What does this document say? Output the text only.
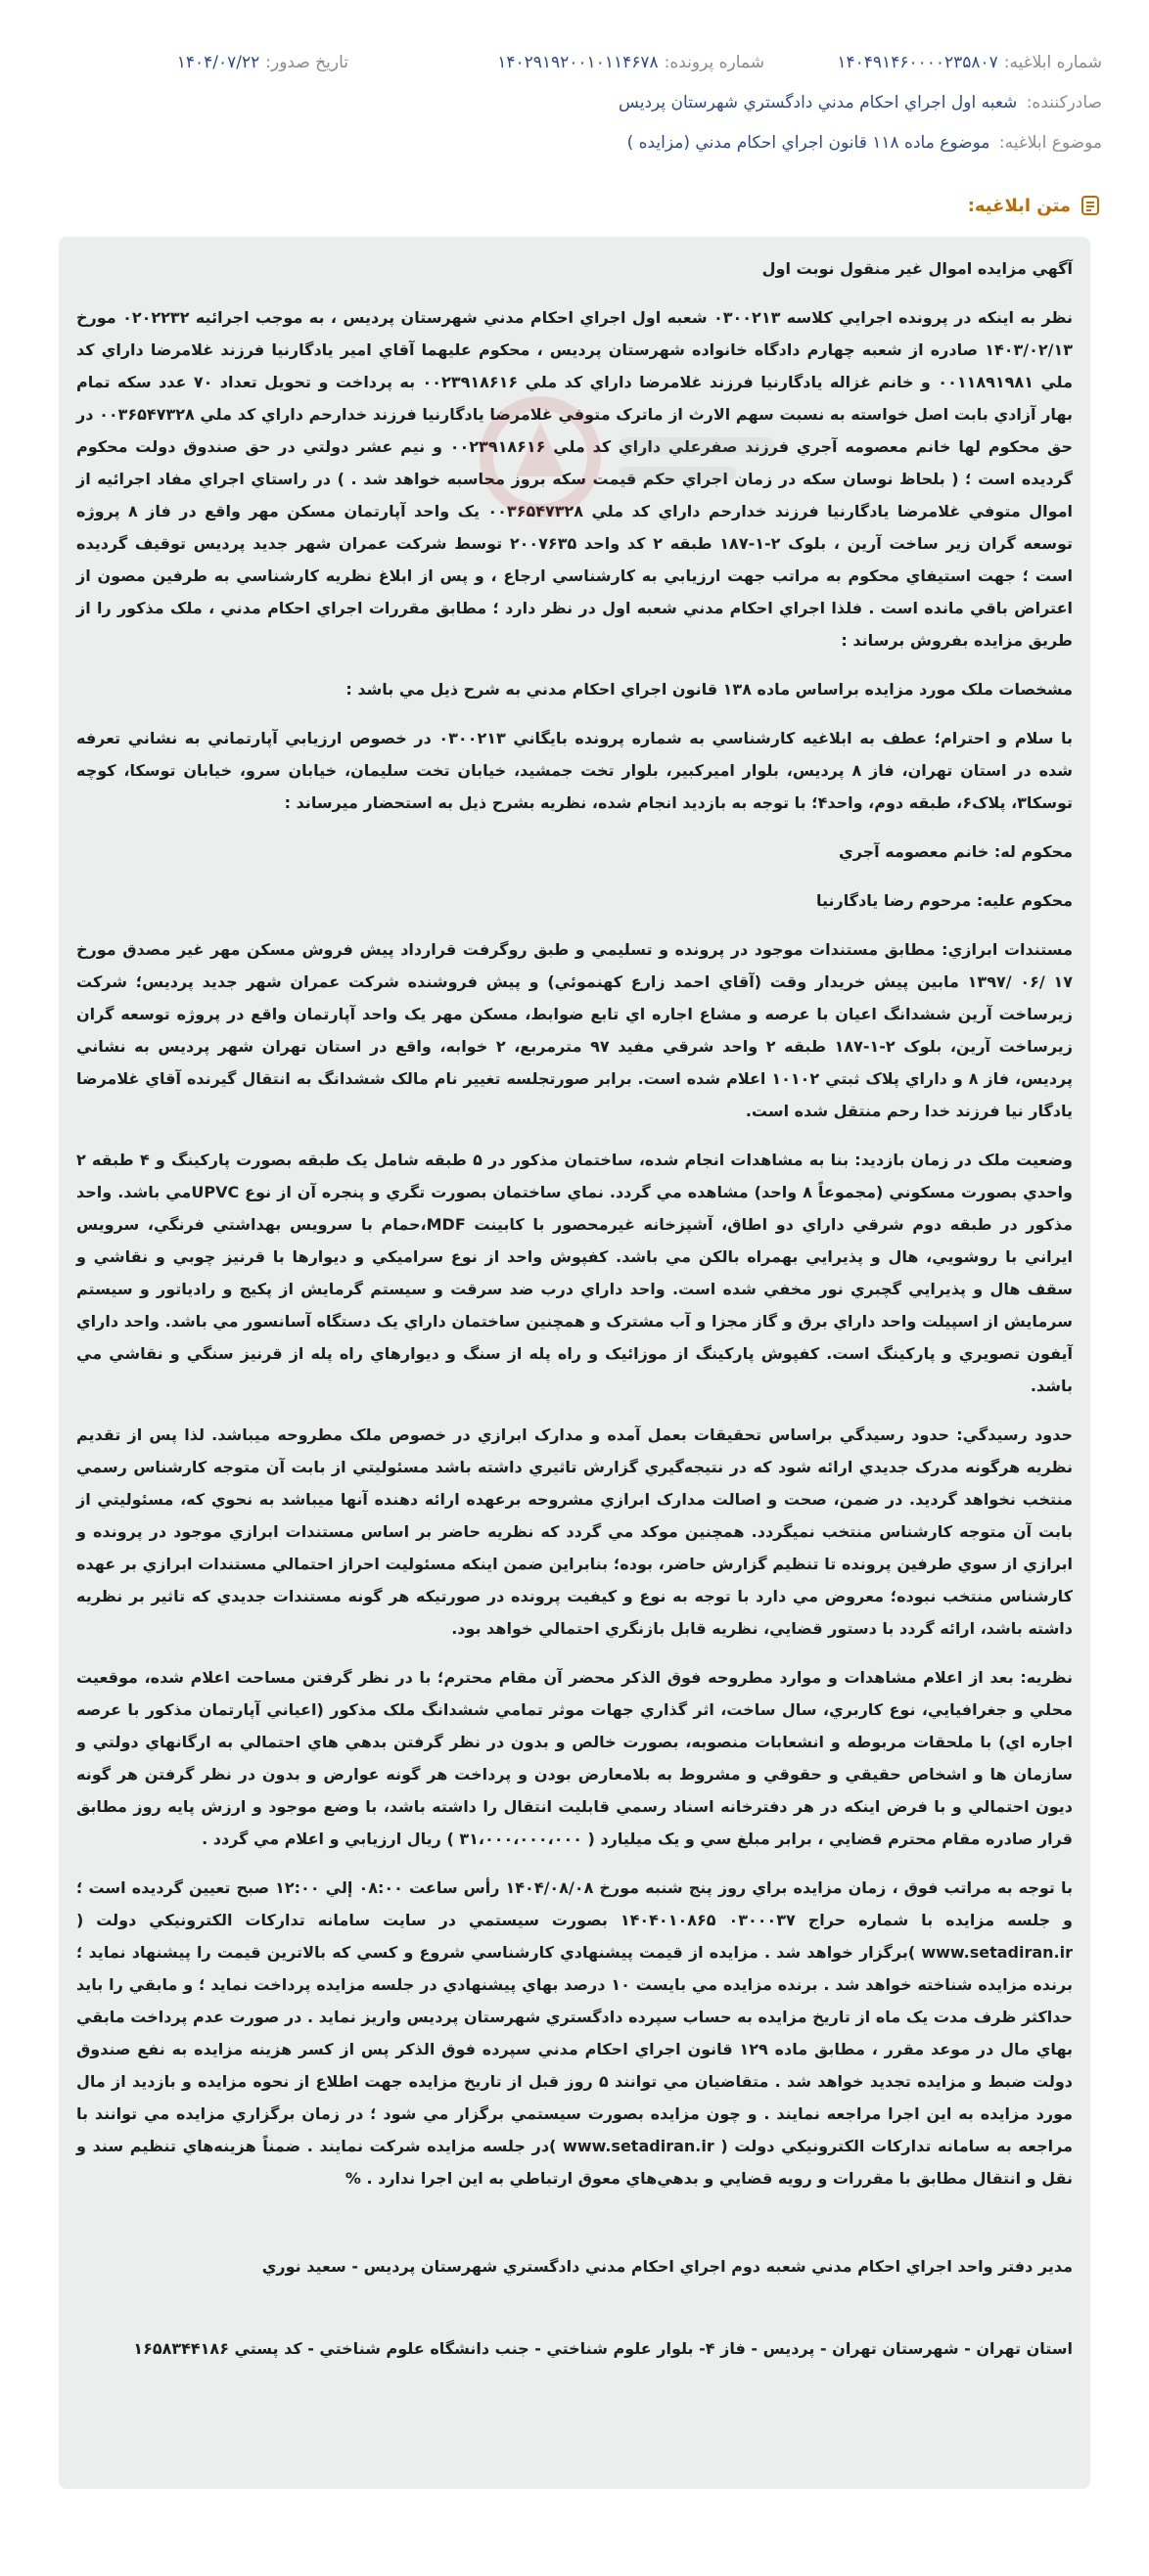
شماره ابلاغيه:
۱۴۰۴۹۱۴۶۰۰۰۰۲۳۵۸۰۷
شماره پرونده:
۱۴۰۲۹۱۹۲۰۰۱۰۱۱۴۶۷۸
تاريخ صدور:
۱۴۰۴/۰۷/۲۲
صادرکننده: شعبه اول اجراي احکام مدني دادگستري شهرستان پرديس
موضوع ابلاغيه: موضوع ماده ۱۱۸ قانون اجراي احکام مدني (مزايده )
متن ابلاغيه:

آگهي مزايده اموال غير منقول نوبت اول

نظر به اينکه در پرونده اجرايي کلاسه ۰۳۰۰۲۱۳ شعبه اول اجراي احکام مدني شهرستان پرديس ، به موجب اجرائيه ۰۲۰۲۲۳۲ مورخ ۱۴۰۳/۰۲/۱۳ صادره از شعبه چهارم دادگاه خانواده شهرستان پرديس ، محکوم عليهما آقاي امير يادگارنيا فرزند غلامرضا داراي کد ملي ۰۰۱۱۸۹۱۹۸۱ و خانم غزاله يادگارنيا فرزند غلامرضا داراي کد ملي ۰۰۲۳۹۱۸۶۱۶ به پرداخت و تحويل تعداد ۷۰ عدد سکه تمام بهار آزادي بابت اصل خواسته به نسبت سهم الارث از ماترک متوفي غلامرضا يادگارنيا فرزند خدارحم داراي کد ملي ۰۰۳۶۵۴۷۳۲۸ در حق محکوم لها خانم معصومه آجري فرزند صفرعلي داراي کد ملي ۰۰۲۳۹۱۸۶۱۶ و نيم عشر دولتي در حق صندوق دولت محکوم گرديده است ؛ ( بلحاظ نوسان سکه در زمان اجراي حکم قيمت سکه بروز محاسبه خواهد شد . ) در راستاي اجراي مفاد اجرائيه از اموال متوفي غلامرضا يادگارنيا فرزند خدارحم داراي کد ملي ۰۰۳۶۵۴۷۳۲۸ يک واحد آپارتمان مسکن مهر واقع در فاز ۸ پروژه توسعه گران زير ساخت آرين ، بلوک ۲-۱-۱۸۷ طبقه ۲ کد واحد ۲۰۰۷۶۳۵ توسط شرکت عمران شهر جديد پرديس توقيف گرديده است ؛ جهت استيفاي محکوم به مراتب جهت ارزيابي به کارشناسي ارجاع ، و پس از ابلاغ نظريه کارشناسي به طرفين مصون از اعتراض باقي مانده است . فلذا اجراي احکام مدني شعبه اول در نظر دارد ؛ مطابق مقررات اجراي احکام مدني ، ملک مذکور را از طريق مزايده بفروش برساند :

مشخصات ملک مورد مزايده براساس ماده ۱۳۸ قانون اجراي احکام مدني به شرح ذيل مي باشد :

با سلام و احترام؛ عطف به ابلاغيه کارشناسي به شماره پرونده بايگاني ۰۳۰۰۲۱۳ در خصوص ارزيابي آپارتماني به نشاني تعرفه شده در استان تهران، فاز ۸ پرديس، بلوار اميرکبير، بلوار تخت جمشيد، خيابان تخت سليمان، خيابان سرو، خيابان توسکا، کوچه توسکا۳، پلاک۶، طبقه دوم، واحد۴؛ با توجه به بازديد انجام شده، نظريه بشرح ذيل به استحضار ميرساند :

محکوم له: خانم معصومه آجري

محکوم عليه: مرحوم رضا يادگارنيا

مستندات ابرازي: مطابق مستندات موجود در پرونده و تسليمي و طبق روگرفت قرارداد پيش فروش مسکن مهر غير مصدق مورخ ۱۷ /۰۶ /۱۳۹۷ مابين پيش خريدار وقت (آقاي احمد زارع کهنموئي) و پيش فروشنده شرکت عمران شهر جديد پرديس؛ شرکت زيرساخت آرين ششدانگ اعيان با عرصه و مشاع اجاره اي تابع ضوابط، مسکن مهر يک واحد آپارتمان واقع در پروژه توسعه گران زيرساخت آرين، بلوک ۲-۱-۱۸۷ طبقه ۲ واحد شرقي مفيد ۹۷ مترمربع، ۲ خوابه، واقع در استان تهران شهر پرديس به نشاني پرديس، فاز ۸ و داراي پلاک ثبتي ۱۰۱۰۲ اعلام شده است. برابر صورتجلسه تغيير نام مالک ششدانگ به انتقال گيرنده آقاي غلامرضا يادگار نيا فرزند خدا رحم منتقل شده است.

وضعيت ملک در زمان بازديد: بنا به مشاهدات انجام شده، ساختمان مذکور در ۵ طبقه شامل يک طبقه بصورت پارکينگ و ۴ طبقه ۲ واحدي بصورت مسکوني (مجموعاً ۸ واحد) مشاهده مي گردد. نماي ساختمان بصورت تگري و پنجره آن از نوع UPVCمي باشد. واحد مذکور در طبقه دوم شرقي داراي دو اطاق، آشپزخانه غيرمحصور با کابينت MDF،حمام با سرويس بهداشتي فرنگي، سرويس ايراني با روشويي، هال و پذيرايي بهمراه بالکن مي باشد. کفپوش واحد از نوع سراميکي و ديوارها با قرنيز چوبي و نقاشي و سقف هال و پذيرايي گچبري نور مخفي شده است. واحد داراي درب ضد سرقت و سيستم گرمايش از پکيج و رادياتور و سيستم سرمايش از اسپيلت واحد داراي برق و گاز مجزا و آب مشترک و همچنين ساختمان داراي يک دستگاه آسانسور مي باشد. واحد داراي آيفون تصويري و پارکينگ است. کفپوش پارکينگ از موزائيک و راه پله از سنگ و ديوارهاي راه پله از قرنيز سنگي و نقاشي مي باشد.

حدود رسيدگي: حدود رسيدگي براساس تحقيقات بعمل آمده و مدارک ابرازي در خصوص ملک مطروحه ميباشد. لذا پس از تقديم نظريه هرگونه مدرک جديدي ارائه شود که در نتيجه‌گيري گزارش تاثيري داشته باشد مسئوليتي از بابت آن متوجه کارشناس رسمي منتخب نخواهد گرديد. در ضمن، صحت و اصالت مدارک ابرازي مشروحه برعهده ارائه دهنده آنها ميباشد به نحوي که، مسئوليتي از بابت آن متوجه کارشناس منتخب نميگردد. همچنين موکد مي گردد که نظريه حاضر بر اساس مستندات ابرازي موجود در پرونده و ابرازي از سوي طرفين پرونده تا تنظيم گزارش حاضر، بوده؛ بنابراين ضمن اينکه مسئوليت احراز احتمالي مستندات ابرازي بر عهده کارشناس منتخب نبوده؛ معروض مي دارد با توجه به نوع و کيفيت پرونده در صورتيکه هر گونه مستندات جديدي که تاثير بر نظريه داشته باشد، ارائه گردد با دستور قضايي، نظريه قابل بازنگري احتمالي خواهد بود.

نظريه: بعد از اعلام مشاهدات و موارد مطروحه فوق الذکر محضر آن مقام محترم؛ با در نظر گرفتن مساحت اعلام شده، موقعيت محلي و جغرافيايي، نوع کاربري، سال ساخت، اثر گذاري جهات موثر تمامي ششدانگ ملک مذکور (اعياني آپارتمان مذکور با عرصه اجاره اي) با ملحقات مربوطه و انشعابات منصوبه، بصورت خالص و بدون در نظر گرفتن بدهي هاي احتمالي به ارگانهاي دولتي و سازمان ها و اشخاص حقيقي و حقوقي و مشروط به بلامعارض بودن و پرداخت هر گونه عوارض و بدون در نظر گرفتن هر گونه ديون احتمالي و با فرض اينکه در هر دفترخانه اسناد رسمي قابليت انتقال را داشته باشد، با وضع موجود و ارزش پايه روز مطابق قرار صادره مقام محترم قضايي ، برابر مبلغ سي و يک ميليارد ( ۳۱،۰۰۰،۰۰۰،۰۰۰ ) ريال ارزيابي و اعلام مي گردد .

با توجه به مراتب فوق ، زمان مزايده براي روز پنج شنبه مورخ ۱۴۰۴/۰۸/۰۸ رأس ساعت ۰۸:۰۰ إلي ۱۲:۰۰ صبح تعيين گرديده است ؛ و جلسه مزايده با شماره حراج ۰۳۰۰۰۳۷ ۱۴۰۴۰۱۰۸۶۵ بصورت سيستمي در سايت سامانه تدارکات الکترونيکي دولت ( www.setadiran.ir )برگزار خواهد شد . مزايده از قيمت پيشنهادي کارشناسي شروع و کسي که بالاترين قيمت را پيشنهاد نمايد ؛ برنده مزايده شناخته خواهد شد . برنده مزايده مي بايست ۱۰ درصد بهاي پيشنهادي در جلسه مزايده پرداخت نمايد ؛ و مابقي را بايد حداکثر ظرف مدت يک ماه از تاريخ مزايده به حساب سپرده دادگستري شهرستان پرديس واريز نمايد . در صورت عدم پرداخت مابقي بهاي مال در موعد مقرر ، مطابق ماده ۱۲۹ قانون اجراي احکام مدني سپرده فوق الذکر پس از کسر هزينه مزايده به نفع صندوق دولت ضبط و مزايده تجديد خواهد شد . متقاضيان مي توانند ۵ روز قبل از تاريخ مزايده جهت اطلاع از نحوه مزايده و بازديد از مال مورد مزايده به اين اجرا مراجعه نمايند . و چون مزايده بصورت سيستمي برگزار مي شود ؛ در زمان برگزاري مزايده مي توانند با مراجعه به سامانه تدارکات الکترونيکي دولت ( www.setadiran.ir )در جلسه مزايده شرکت نمايند . ضمناً هزينه‌هاي تنظيم سند و نقل و انتقال مطابق با مقررات و رويه قضايي و بدهي‌هاي معوق ارتباطي به اين اجرا ندارد . %

مدير دفتر واحد اجراي احکام مدني شعبه دوم اجراي احکام مدني دادگستري شهرستان پرديس - سعيد نوري

استان تهران - شهرستان تهران - پرديس - فاز ۴- بلوار علوم شناختي - جنب دانشگاه علوم شناختي - کد پستي ۱۶۵۸۳۴۴۱۸۶
